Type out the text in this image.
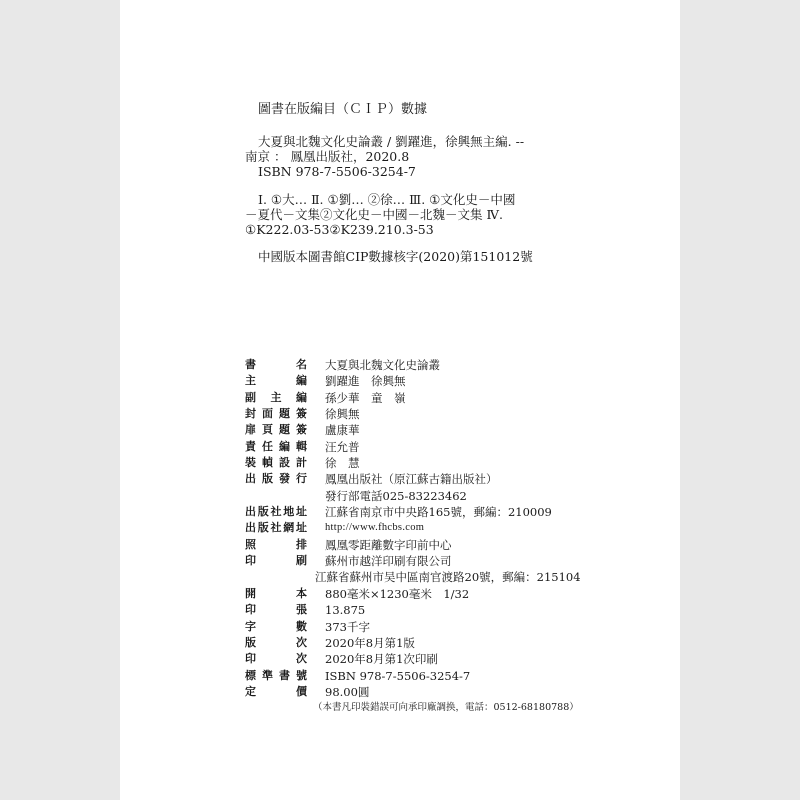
圖書在版編目（ＣＩＰ）數據
大夏與北魏文化史論叢 / 劉躍進，徐興無主編. --
南京 ： 鳳凰出版社，2020.8
ISBN 978-7-5506-3254-7
Ⅰ. ①大… Ⅱ. ①劉… ②徐… Ⅲ. ①文化史－中國
－夏代－文集②文化史－中國－北魏－文集 Ⅳ.
①K222.03-53②K239.210.3-53
中國版本圖書館CIP數據核字(2020)第151012號
書名 大夏與北魏文化史論叢
主編 劉躍進　徐興無
副主編 孫少華　童　嶺
封面題簽 徐興無
扉頁題簽 盧康華
責任編輯 汪允普
裝幀設計 徐　慧
出版發行 鳳凰出版社（原江蘇古籍出版社）
發行部電話025-83223462
出版社地址 江蘇省南京市中央路165號，郵編：210009
出版社網址 http://www.fhcbs.com
照排 鳳凰零距離數字印前中心
印刷 蘇州市越洋印刷有限公司
江蘇省蘇州市吴中區南官渡路20號，郵編：215104
開本 880毫米×1230毫米　1/32
印張 13.875
字數 373千字
版次 2020年8月第1版
印次 2020年8月第1次印刷
標準書號 ISBN 978-7-5506-3254-7
定價 98.00圓
（本書凡印裝錯誤可向承印廠調换，電話：0512-68180788）
